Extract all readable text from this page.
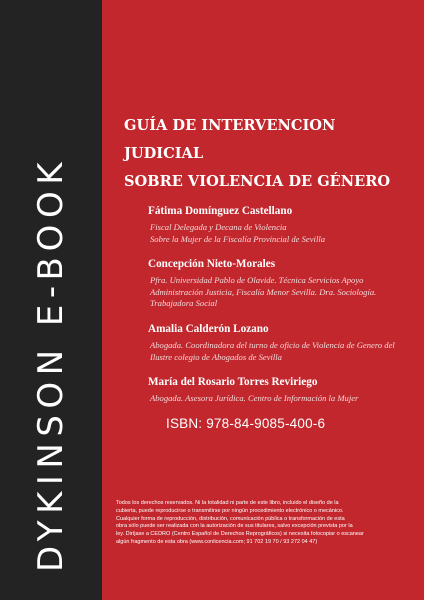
DYKINSON E-BOOK
GUÍA DE INTERVENCION JUDICIAL
SOBRE VIOLENCIA DE GÉNERO
Fátima Domínguez Castellano
Fiscal Delegada y Decana de Violencia
Sobre la Mujer de la Fiscalía Provincial de Sevilla
Concepción Nieto-Morales
Pfra. Universidad Pablo de Olavide. Técnica Servicios Apoyo
Administración Justicia, Fiscalía Menor Sevilla. Dra. Sociología.
Trabajadora Social
Amalia Calderón Lozano
Abogada. Coordinadora del turno de oficio de Violencia de Genero del
Ilustre colegio de Abogados de Sevilla
María del Rosario Torres Reviriego
Abogada. Asesora Jurídica. Centro de Información la Mujer
ISBN: 978-84-9085-400-6
Todos los derechos reservados. Ni la totalidad ni parte de este libro, incluido el diseño de la
cubierta, puede reproducirse o transmitirse por ningún procedimiento electrónico o mecánico.
Cualquier forma de reproducción, distribución, comunicación pública o transformación de esta
obra sólo puede ser realizada con la autorización de sus titulares, salvo excepción prevista por la
ley. Diríjase a CEDRO (Centro Español de Derechos Reprográficos) si necesita fotocopiar o escanear
algún fragmento de esta obra (www.conlicencia.com; 91 702 19 70 / 93 272 04 47)
